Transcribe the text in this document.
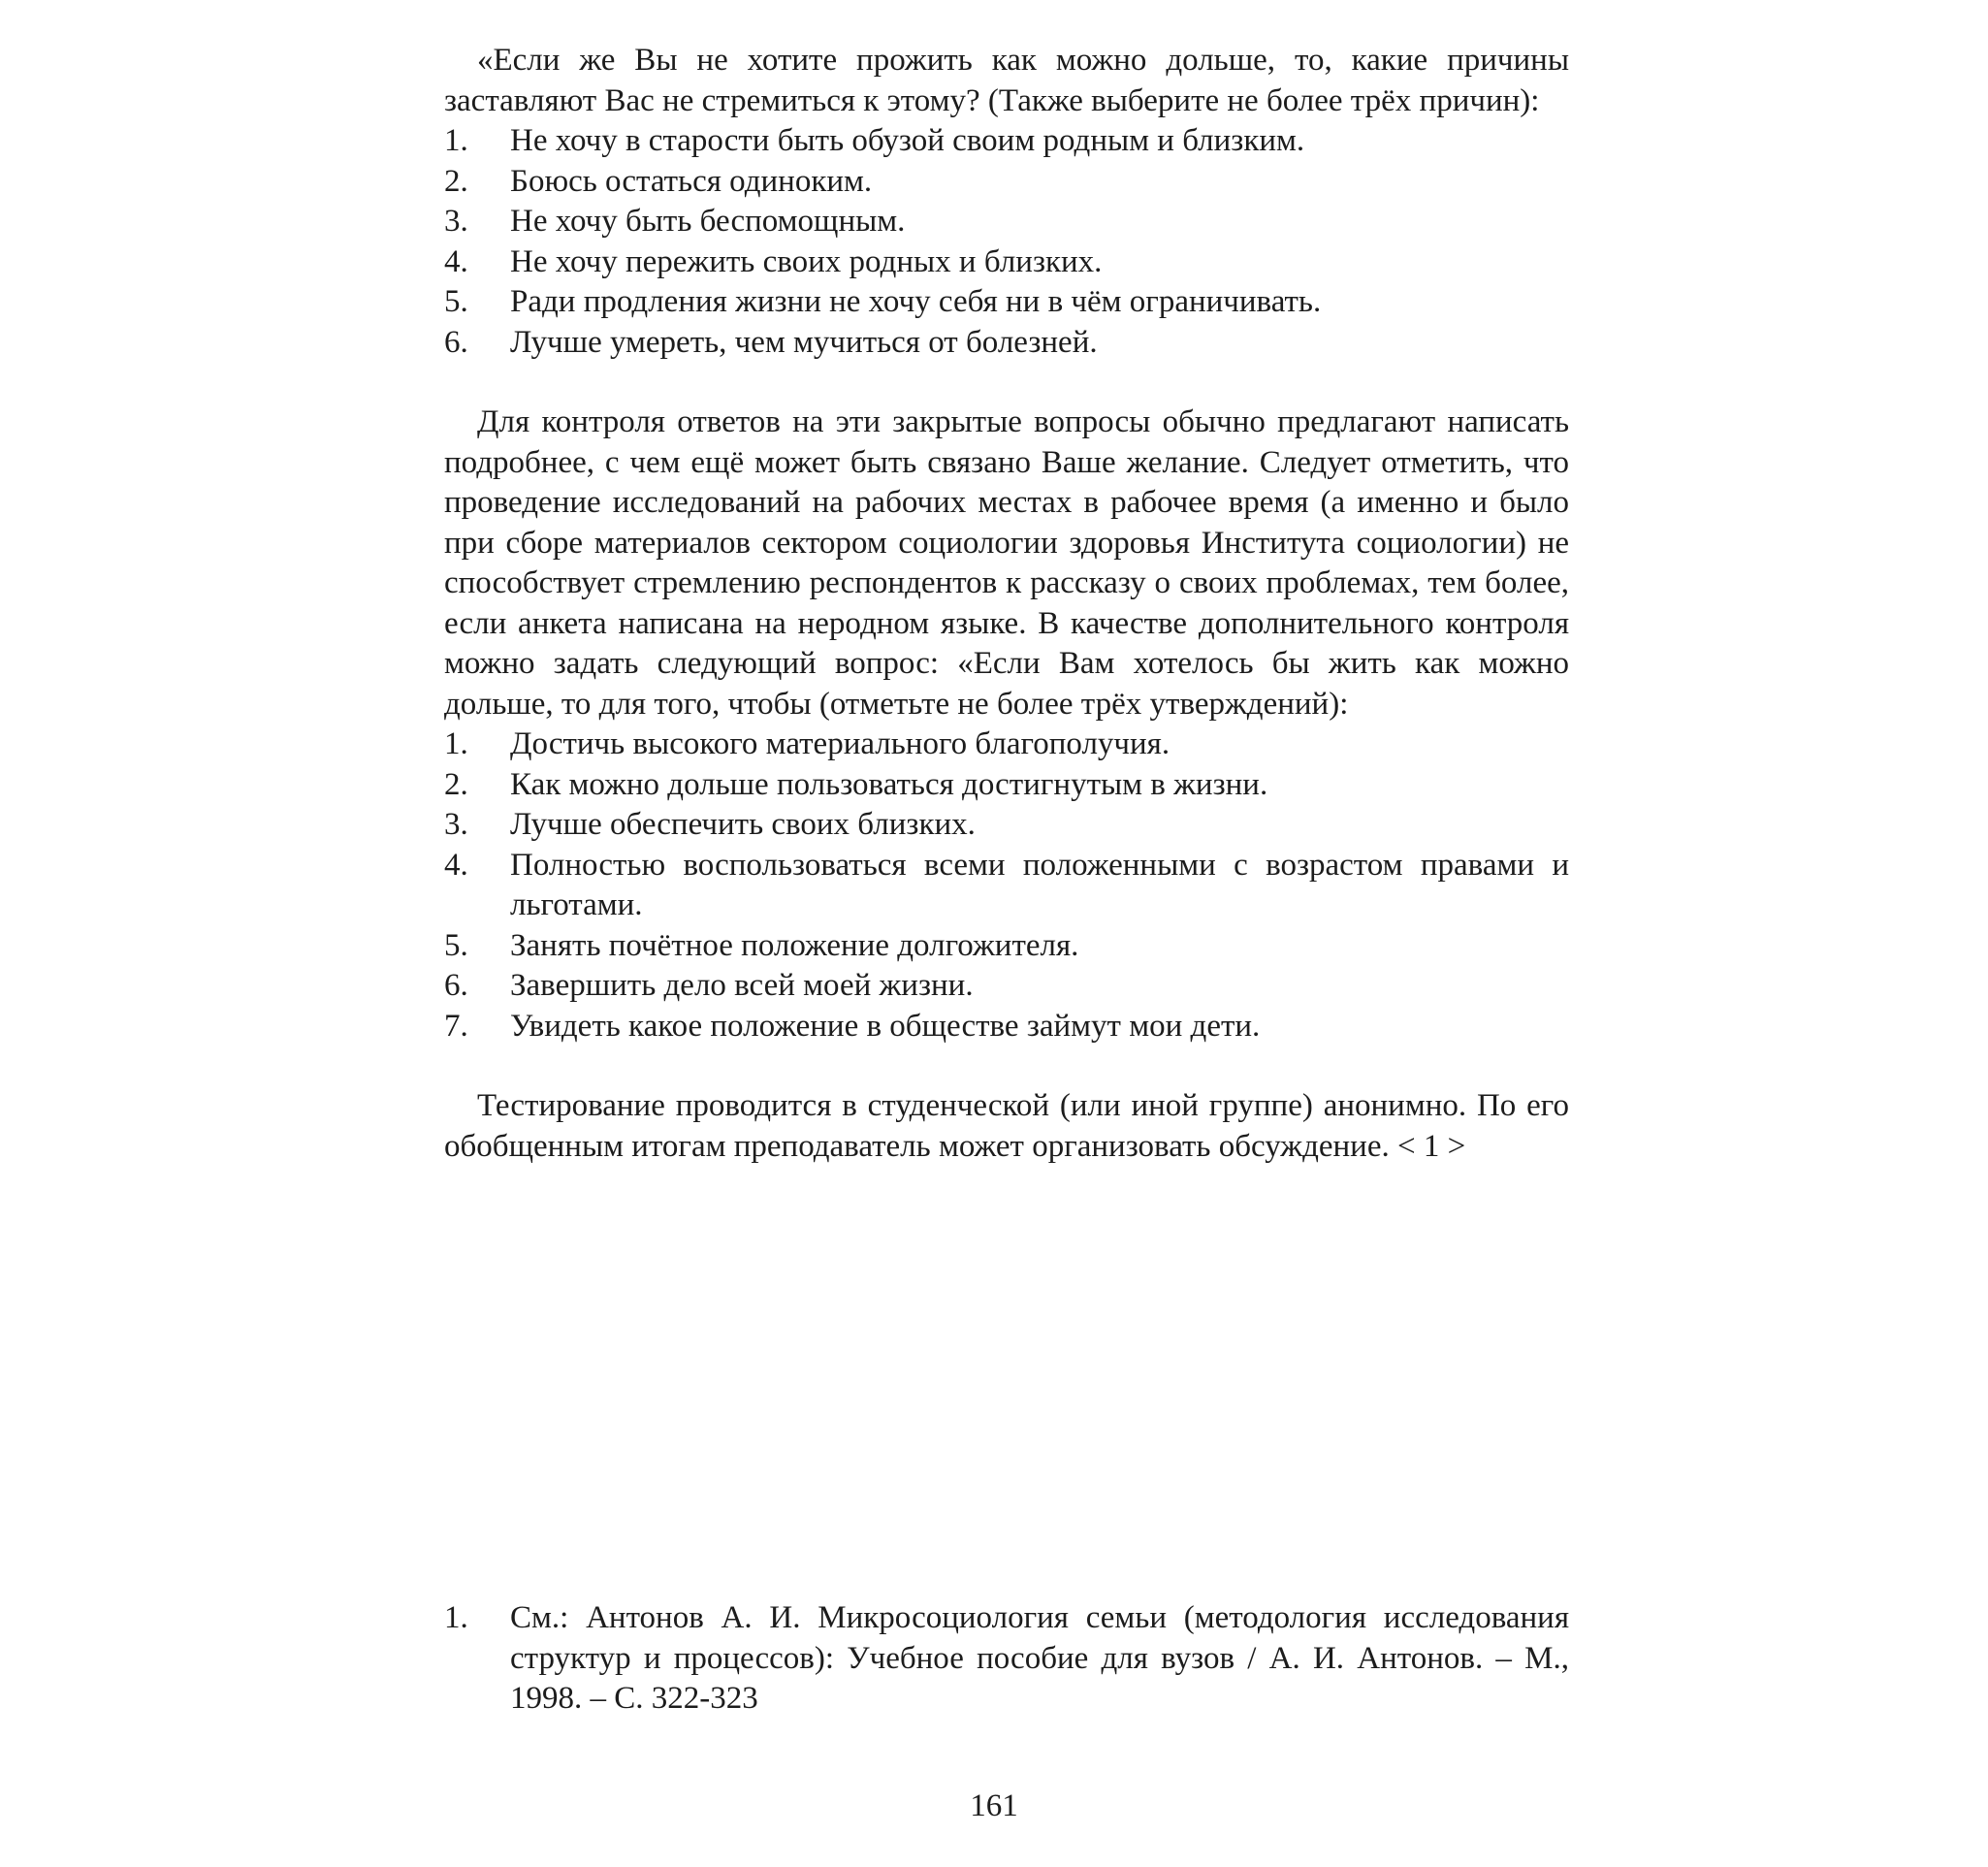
«Если же Вы не хотите прожить как можно дольше, то, какие причины заставляют Вас не стремиться к этому? (Также выберите не более трёх причин):

1.	Не хочу в старости быть обузой своим родным и близким.
2.	Боюсь остаться одиноким.
3.	Не хочу быть беспомощным.
4.	Не хочу пережить своих родных и близких.
5.	Ради продления жизни не хочу себя ни в чём ограничивать.
6.	Лучше умереть, чем мучиться от болезней.

Для контроля ответов на эти закрытые вопросы обычно предлагают написать подробнее, с чем ещё может быть связано Ваше желание. Следует отметить, что проведение исследований на рабочих местах в рабочее время (а именно и было при сборе материалов сектором социологии здоровья Института социологии) не способствует стремлению респондентов к рассказу о своих проблемах, тем более, если анкета написана на неродном языке. В качестве дополнительного контроля можно задать следующий вопрос: «Если Вам хотелось бы жить как можно дольше, то для того, чтобы (отметьте не более трёх утверждений):

1.	Достичь высокого материального благополучия.
2.	Как можно дольше пользоваться достигнутым в жизни.
3.	Лучше обеспечить своих близких.
4.	Полностью воспользоваться всеми положенными с возрастом правами и льготами.
5.	Занять почётное положение долгожителя.
6.	Завершить дело всей моей жизни.
7.	Увидеть какое положение в обществе займут мои дети.

Тестирование проводится в студенческой (или иной группе) анонимно. По его обобщенным итогам преподаватель может организовать обсуждение. < 1 >

1.	См.: Антонов А. И. Микросоциология семьи (методология исследования структур и процессов): Учебное пособие для вузов / А. И. Антонов. – М., 1998. – С. 322-323
161
